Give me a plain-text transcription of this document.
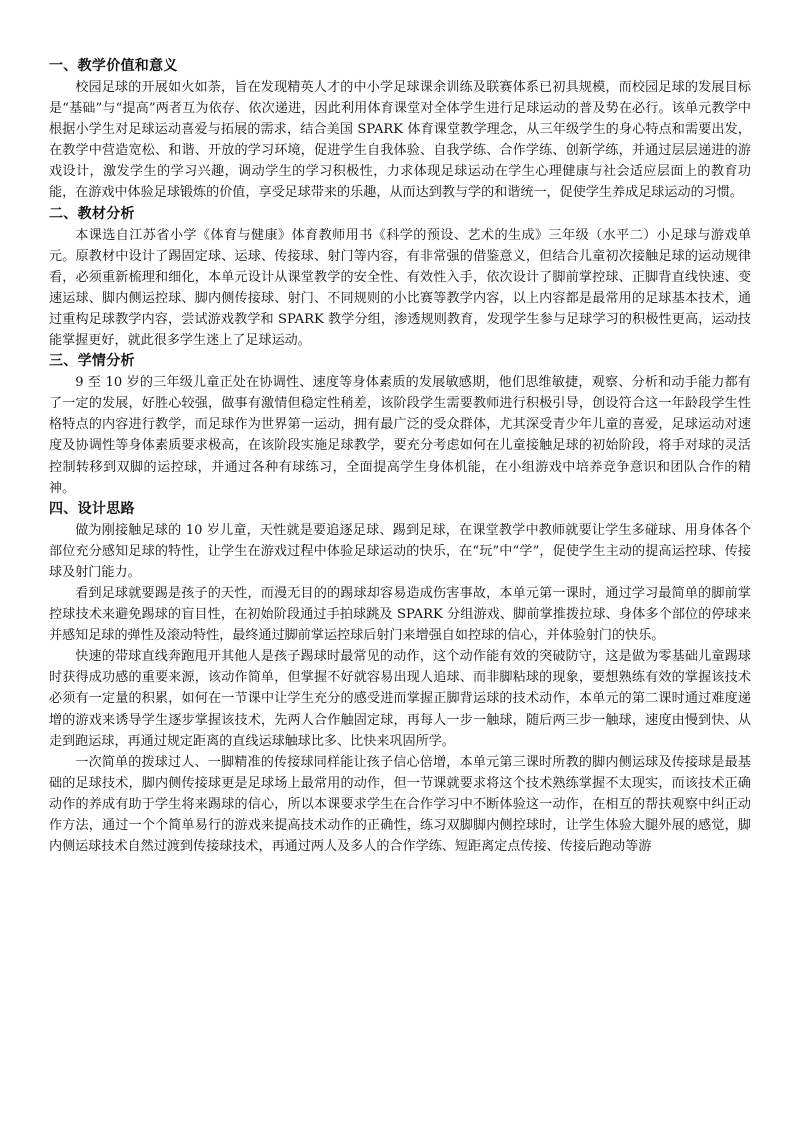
一、教学价值和意义

校园足球的开展如火如荼，旨在发现精英人才的中小学足球课余训练及联赛体系已初具规模，而校园足球的发展目标是“基础”与“提高”两者互为依存、依次递进，因此利用体育课堂对全体学生进行足球运动的普及势在必行。该单元教学中根据小学生对足球运动喜爱与拓展的需求，结合美国 SPARK 体育课堂教学理念，从三年级学生的身心特点和需要出发，在教学中营造宽松、和谐、开放的学习环境，促进学生自我体验、自我学练、合作学练、创新学练，并通过层层递进的游戏设计，激发学生的学习兴趣，调动学生的学习积极性，力求体现足球运动在学生心理健康与社会适应层面上的教育功能，在游戏中体验足球锻炼的价值，享受足球带来的乐趣，从而达到教与学的和谐统一，促使学生养成足球运动的习惯。

二、教材分析

本课选自江苏省小学《体育与健康》体育教师用书《科学的预设、艺术的生成》三年级（水平二）小足球与游戏单元。原教材中设计了踢固定球、运球、传接球、射门等内容，有非常强的借鉴意义，但结合儿童初次接触足球的运动规律看，必须重新梳理和细化，本单元设计从课堂教学的安全性、有效性入手，依次设计了脚前掌控球、正脚背直线快速、变速运球、脚内侧运控球、脚内侧传接球、射门、不同规则的小比赛等教学内容，以上内容都是最常用的足球基本技术，通过重构足球教学内容，尝试游戏教学和 SPARK 教学分组，渗透规则教育，发现学生参与足球学习的积极性更高，运动技能掌握更好，就此很多学生迷上了足球运动。

三、学情分析

9 至 10 岁的三年级儿童正处在协调性、速度等身体素质的发展敏感期，他们思维敏捷，观察、分析和动手能力都有了一定的发展，好胜心较强，做事有激情但稳定性稍差，该阶段学生需要教师进行积极引导，创设符合这一年龄段学生性格特点的内容进行教学，而足球作为世界第一运动，拥有最广泛的受众群体，尤其深受青少年儿童的喜爱，足球运动对速度及协调性等身体素质要求极高，在该阶段实施足球教学，要充分考虑如何在儿童接触足球的初始阶段，将手对球的灵活控制转移到双脚的运控球，并通过各种有球练习，全面提高学生身体机能，在小组游戏中培养竞争意识和团队合作的精神。

四、设计思路

做为刚接触足球的 10 岁儿童，天性就是要追逐足球、踢到足球，在课堂教学中教师就要让学生多碰球、用身体各个部位充分感知足球的特性，让学生在游戏过程中体验足球运动的快乐，在“玩”中“学”，促使学生主动的提高运控球、传接球及射门能力。

看到足球就要踢是孩子的天性，而漫无目的的踢球却容易造成伤害事故，本单元第一课时，通过学习最简单的脚前掌控球技术来避免踢球的盲目性，在初始阶段通过手拍球跳及 SPARK 分组游戏、脚前掌推拨拉球、身体多个部位的停球来并感知足球的弹性及滚动特性，最终通过脚前掌运控球后射门来增强自如控球的信心，并体验射门的快乐。

快速的带球直线奔跑甩开其他人是孩子踢球时最常见的动作，这个动作能有效的突破防守，这是做为零基础儿童踢球时获得成功感的重要来源，该动作简单，但掌握不好就容易出现人追球、而非脚粘球的现象，要想熟练有效的掌握该技术必须有一定量的积累，如何在一节课中让学生充分的感受进而掌握正脚背运球的技术动作，本单元的第二课时通过难度递增的游戏来诱导学生逐步掌握该技术，先两人合作触固定球，再每人一步一触球，随后两三步一触球，速度由慢到快、从走到跑运球，再通过规定距离的直线运球触球比多、比快来巩固所学。

一次简单的拨球过人、一脚精准的传接球同样能让孩子信心倍增，本单元第三课时所教的脚内侧运球及传接球是最基础的足球技术，脚内侧传接球更是足球场上最常用的动作，但一节课就要求将这个技术熟练掌握不太现实，而该技术正确动作的养成有助于学生将来踢球的信心，所以本课要求学生在合作学习中不断体验这一动作，在相互的帮扶观察中纠正动作方法，通过一个个简单易行的游戏来提高技术动作的正确性，练习双脚脚内侧控球时，让学生体验大腿外展的感觉，脚内侧运球技术自然过渡到传接球技术，再通过两人及多人的合作学练、短距离定点传接、传接后跑动等游
